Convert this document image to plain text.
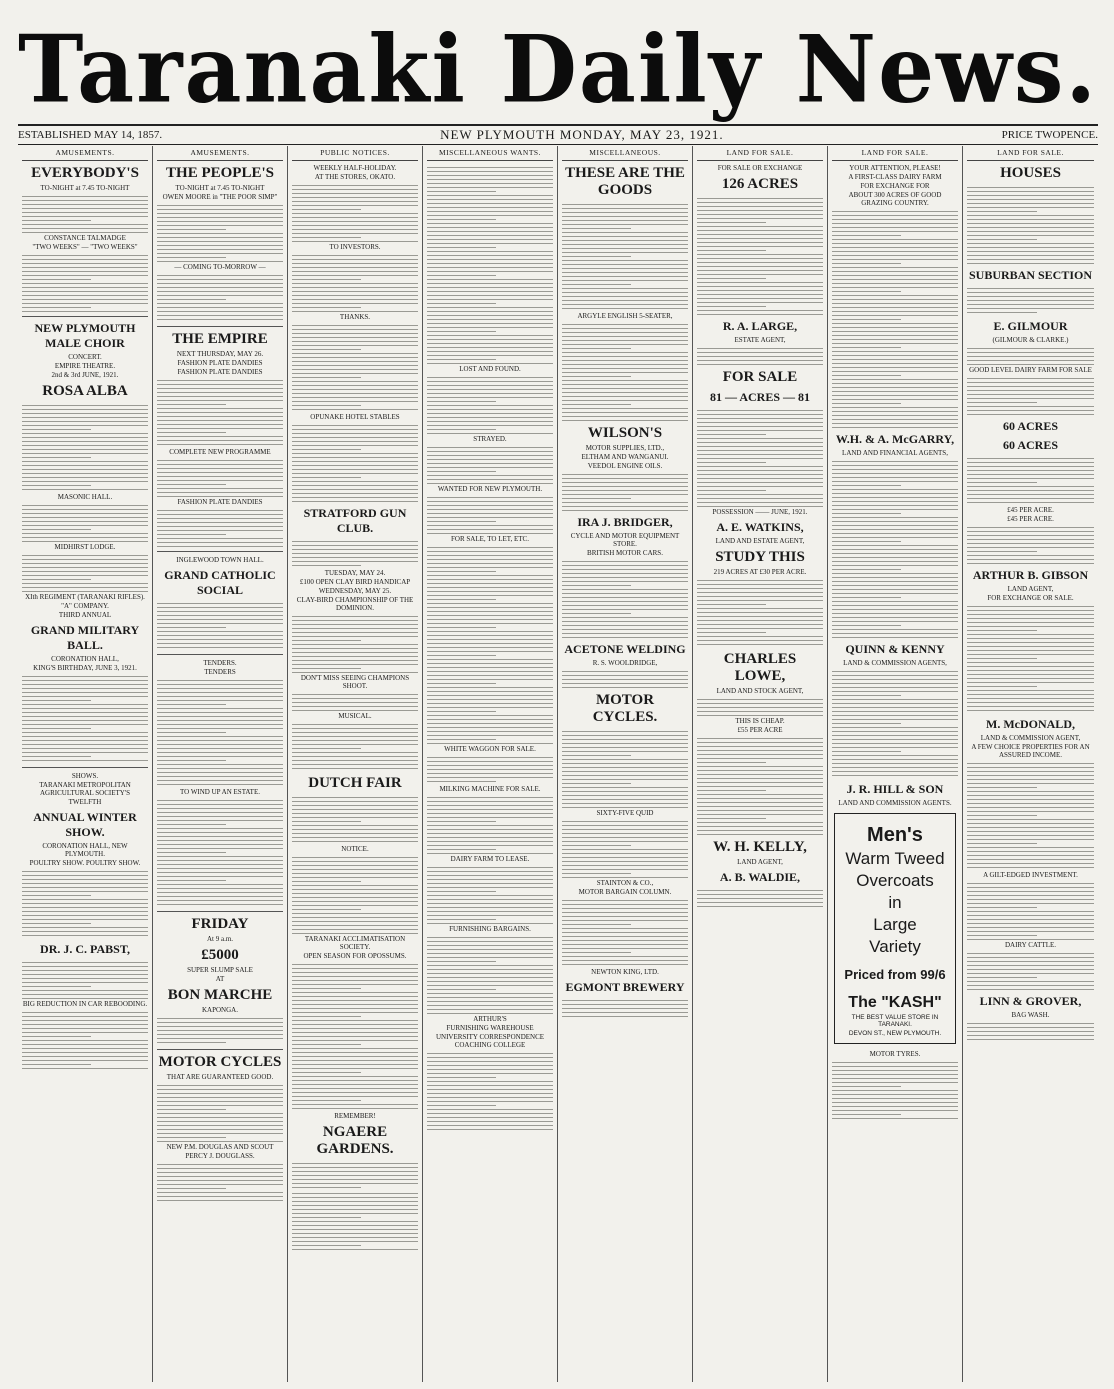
Taranaki Daily News.
ESTABLISHED MAY 14, 1857.	NEW PLYMOUTH MONDAY, MAY 23, 1921.	PRICE TWOPENCE.
AMUSEMENTS.
EVERYBODY'S
TO-NIGHT at 7.45 TO-NIGHT
CONSTANCE TALMADGE
"TWO WEEKS" — "TWO WEEKS"
NEW PLYMOUTH MALE CHOIR
CONCERT.
EMPIRE THEATRE.
2nd & 3rd JUNE, 1921.
ROSA ALBA
MASONIC HALL.
MIDHIRST LODGE.
XIth REGIMENT (TARANAKI RIFLES).
"A" COMPANY.
THIRD ANNUAL
GRAND MILITARY BALL.
CORONATION HALL,
KING'S BIRTHDAY, JUNE 3, 1921.
SHOWS.
TARANAKI METROPOLITAN AGRICULTURAL SOCIETY'S
TWELFTH
ANNUAL WINTER SHOW.
CORONATION HALL, NEW PLYMOUTH.
POULTRY SHOW. POULTRY SHOW.
DR. J. C. PABST,
BIG REDUCTION IN CAR REBOODING.
AMUSEMENTS.
THE PEOPLE'S
TO-NIGHT at 7.45 TO-NIGHT
OWEN MOORE in "THE POOR SIMP"
— COMING TO-MORROW —
THE EMPIRE
NEXT THURSDAY, MAY 26.
FASHION PLATE DANDIES
FASHION PLATE DANDIES
COMPLETE NEW PROGRAMME
FASHION PLATE DANDIES
INGLEWOOD TOWN HALL.
GRAND CATHOLIC SOCIAL
TENDERS.
TENDERS
TO WIND UP AN ESTATE.
FRIDAY
At 9 a.m.
£5000
SUPER SLUMP SALE
AT
BON MARCHE
KAPONGA.
MOTOR CYCLES
THAT ARE GUARANTEED GOOD.
NEW P.M. DOUGLAS AND SCOUT
PERCY J. DOUGLASS.
PUBLIC NOTICES.
WEEKLY HALF-HOLIDAY.
AT THE STORES, OKATO.
TO INVESTORS.
THANKS.
OPUNAKE HOTEL STABLES
STRATFORD GUN CLUB.
TUESDAY, MAY 24.
£100 OPEN CLAY BIRD HANDICAP
WEDNESDAY, MAY 25.
CLAY-BIRD CHAMPIONSHIP OF THE DOMINION.
DON'T MISS SEEING CHAMPIONS SHOOT.
MUSICAL.
DUTCH FAIR
NOTICE.
TARANAKI ACCLIMATISATION SOCIETY.
OPEN SEASON FOR OPOSSUMS.
REMEMBER!
NGAERE GARDENS.
MISCELLANEOUS WANTS.
LOST AND FOUND.
STRAYED.
WANTED FOR NEW PLYMOUTH.
FOR SALE, TO LET, ETC.
WHITE WAGGON FOR SALE.
MILKING MACHINE FOR SALE.
DAIRY FARM TO LEASE.
FURNISHING BARGAINS.
ARTHUR'S
FURNISHING WAREHOUSE
UNIVERSITY CORRESPONDENCE COACHING COLLEGE
MISCELLANEOUS.
THESE ARE THE GOODS
ARGYLE ENGLISH 5-SEATER,
WILSON'S
MOTOR SUPPLIES, LTD.,
ELTHAM AND WANGANUI.
VEEDOL ENGINE OILS.
IRA J. BRIDGER,
CYCLE AND MOTOR EQUIPMENT STORE.
BRITISH MOTOR CARS.
ACETONE WELDING
R. S. WOOLDRIDGE,
MOTOR CYCLES.
SIXTY-FIVE QUID
STAINTON & CO.,
MOTOR BARGAIN COLUMN.
NEWTON KING, LTD.
EGMONT BREWERY
LAND FOR SALE.
FOR SALE OR EXCHANGE
126 ACRES
R. A. LARGE,
ESTATE AGENT,
FOR SALE
81 — ACRES — 81
POSSESSION —— JUNE, 1921.
A. E. WATKINS,
LAND AND ESTATE AGENT,
STUDY THIS
219 ACRES AT £30 PER ACRE.
CHARLES LOWE,
LAND AND STOCK AGENT,
THIS IS CHEAP.
£55 PER ACRE
W. H. KELLY,
LAND AGENT,
A. B. WALDIE,
LAND FOR SALE.
YOUR ATTENTION, PLEASE!
A FIRST-CLASS DAIRY FARM
FOR EXCHANGE FOR
ABOUT 300 ACRES OF GOOD GRAZING COUNTRY.
W.H. & A. McGARRY,
LAND AND FINANCIAL AGENTS,
QUINN & KENNY
LAND & COMMISSION AGENTS,
J. R. HILL & SON
LAND AND COMMISSION AGENTS.
Men's
Warm Tweed
Overcoats
in
Large
Variety
Priced from 99/6
The "KASH"
THE BEST VALUE STORE IN TARANAKI.
DEVON ST., NEW PLYMOUTH.
MOTOR TYRES.
LAND FOR SALE.
HOUSES
SUBURBAN SECTION
E. GILMOUR
(GILMOUR & CLARKE.)
GOOD LEVEL DAIRY FARM FOR SALE
60 ACRES
60 ACRES
£45 PER ACRE.
£45 PER ACRE.
ARTHUR B. GIBSON
LAND AGENT,
FOR EXCHANGE OR SALE.
M. McDONALD,
LAND & COMMISSION AGENT,
A FEW CHOICE PROPERTIES FOR AN ASSURED INCOME.
A GILT-EDGED INVESTMENT.
DAIRY CATTLE.
LINN & GROVER,
BAG WASH.
